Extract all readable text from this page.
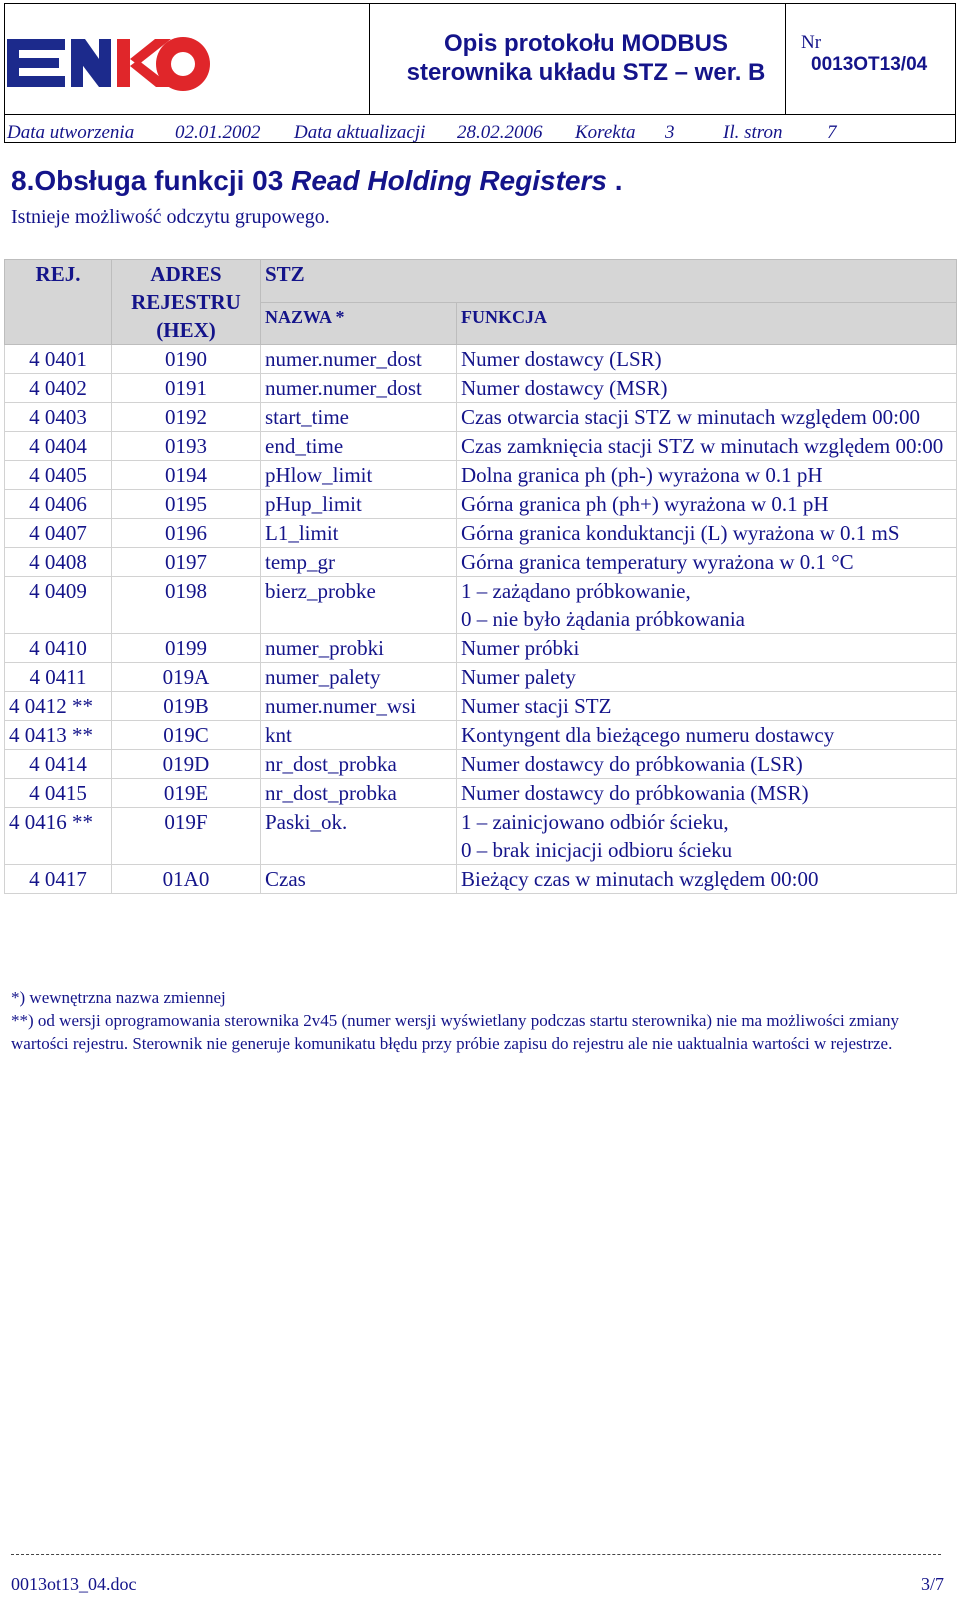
Opis protokołu MODBUS
sterownika układu STZ – wer. B
Nr
0013OT13/04
Data utworzenia 02.01.2002 Data aktualizacji 28.02.2006 Korekta 3	Il. stron 7
8.Obsługa funkcji 03 Read Holding Registers .
Istnieje możliwość odczytu grupowego.
REJ.	ADRES REJESTRU (HEX)	STZ	
		NAZWA *	FUNKCJA
4 0401	0190	numer.numer_dost	Numer dostawcy (LSR)
4 0402	0191	numer.numer_dost	Numer dostawcy (MSR)
4 0403	0192	start_time	Czas otwarcia stacji STZ w minutach względem 00:00
4 0404	0193	end_time	Czas zamknięcia stacji STZ w minutach względem 00:00
4 0405	0194	pHlow_limit	Dolna granica ph (ph-) wyrażona w 0.1 pH
4 0406	0195	pHup_limit	Górna granica ph (ph+) wyrażona w 0.1 pH
4 0407	0196	L1_limit	Górna granica konduktancji (L) wyrażona w 0.1 mS
4 0408	0197	temp_gr	Górna granica temperatury wyrażona w 0.1 °C
4 0409	0198	bierz_probke	1 – zażądano próbkowanie,
0 – nie było żądania próbkowania

4 0410	0199	numer_probki	Numer próbki
4 0411	019A	numer_palety	Numer palety
4 0412 **	019B	numer.numer_wsi	Numer stacji STZ
4 0413 **	019C	knt	Kontyngent dla bieżącego numeru dostawcy
4 0414	019D	nr_dost_probka	Numer dostawcy do próbkowania (LSR)
4 0415	019E	nr_dost_probka	Numer dostawcy do próbkowania (MSR)
4 0416 **	019F	Paski_ok.	1 – zainicjowano odbiór ścieku,
0 – brak inicjacji odbioru ścieku

4 0417	01A0	Czas	Bieżący czas w minutach względem 00:00
*) wewnętrzna nazwa zmiennej
**) od wersji oprogramowania sterownika 2v45 (numer wersji wyświetlany podczas startu sterownika) nie ma możliwości zmiany wartości rejestru. Sterownik nie generuje komunikatu błędu przy próbie zapisu do rejestru ale nie uaktualnia wartości w rejestrze.
0013ot13_04.doc	3/7
